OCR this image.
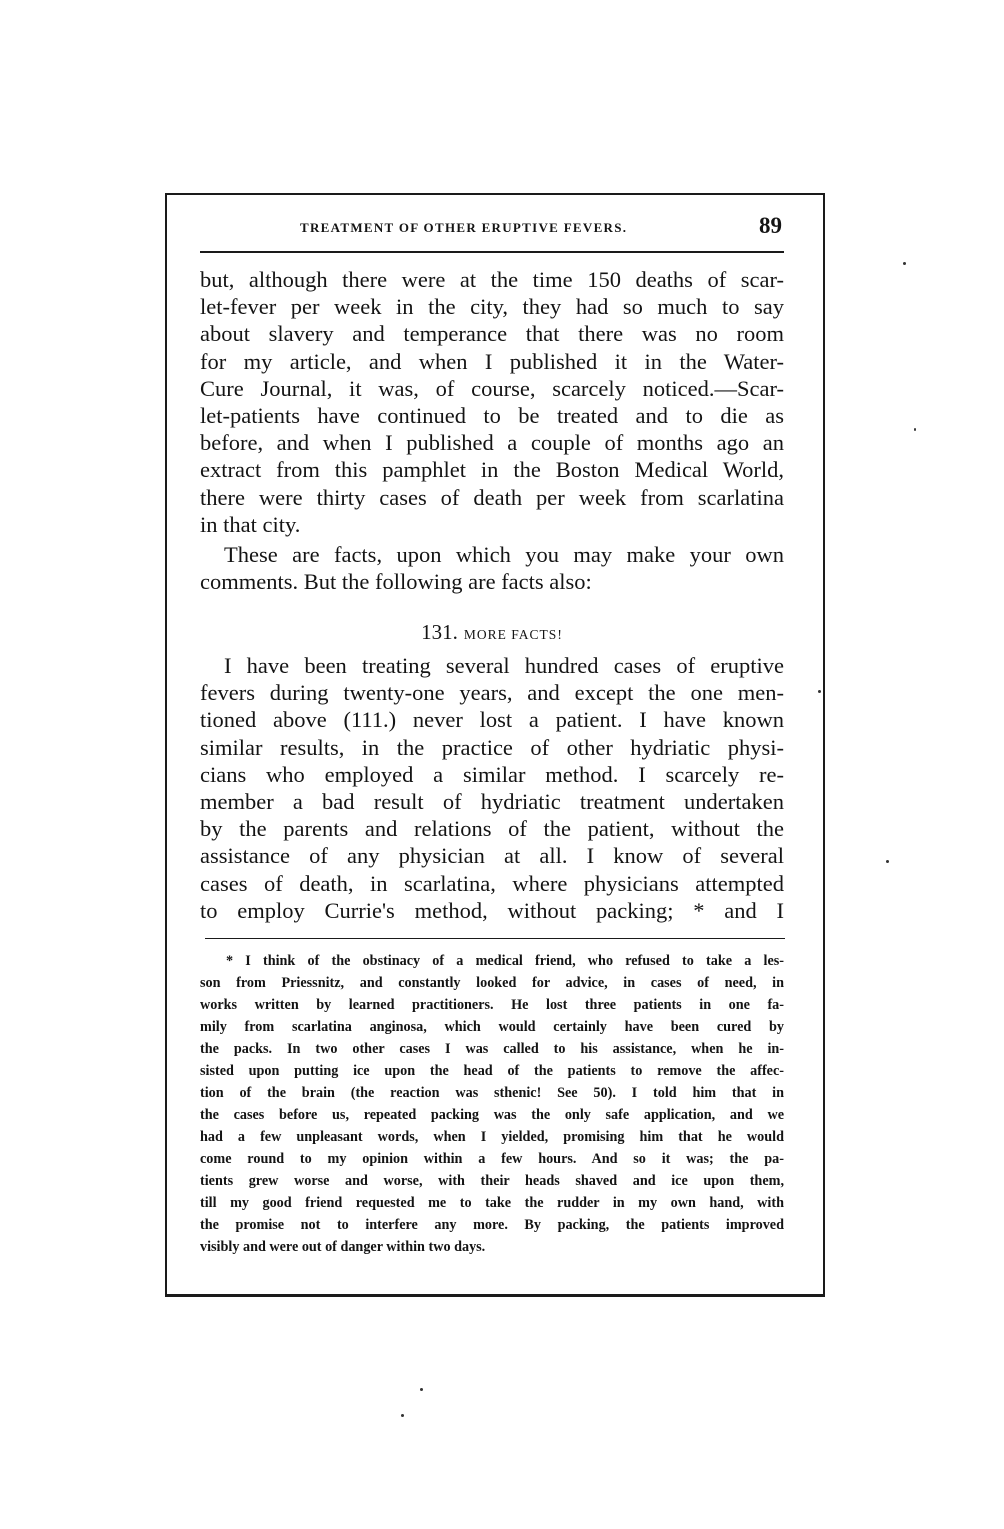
TREATMENT OF OTHER ERUPTIVE FEVERS.	89
but, although there were at the time 150 deaths of scar-
let-fever per week in the city, they had so much to say
about slavery and temperance that there was no room
for my article, and when I published it in the Water-
Cure Journal, it was, of course, scarcely noticed.—Scar-
let-patients have continued to be treated and to die as
before, and when I published a couple of months ago an
extract from this pamphlet in the Boston Medical World,
there were thirty cases of death per week from scarlatina
in that city.
These are facts, upon which you may make your own
comments. But the following are facts also:
131. MORE FACTS!
I have been treating several hundred cases of eruptive
fevers during twenty-one years, and except the one men-
tioned above (111.) never lost a patient. I have known
similar results, in the practice of other hydriatic physi-
cians who employed a similar method. I scarcely re-
member a bad result of hydriatic treatment undertaken
by the parents and relations of the patient, without the
assistance of any physician at all. I know of several
cases of death, in scarlatina, where physicians attempted
to employ Currie's method, without packing; * and I
* I think of the obstinacy of a medical friend, who refused to take a les-
son from Priessnitz, and constantly looked for advice, in cases of need, in
works written by learned practitioners. He lost three patients in one fa-
mily from scarlatina anginosa, which would certainly have been cured by
the packs. In two other cases I was called to his assistance, when he in-
sisted upon putting ice upon the head of the patients to remove the affec-
tion of the brain (the reaction was sthenic! See 50). I told him that in
the cases before us, repeated packing was the only safe application, and we
had a few unpleasant words, when I yielded, promising him that he would
come round to my opinion within a few hours. And so it was; the pa-
tients grew worse and worse, with their heads shaved and ice upon them,
till my good friend requested me to take the rudder in my own hand, with
the promise not to interfere any more. By packing, the patients improved
visibly and were out of danger within two days.
